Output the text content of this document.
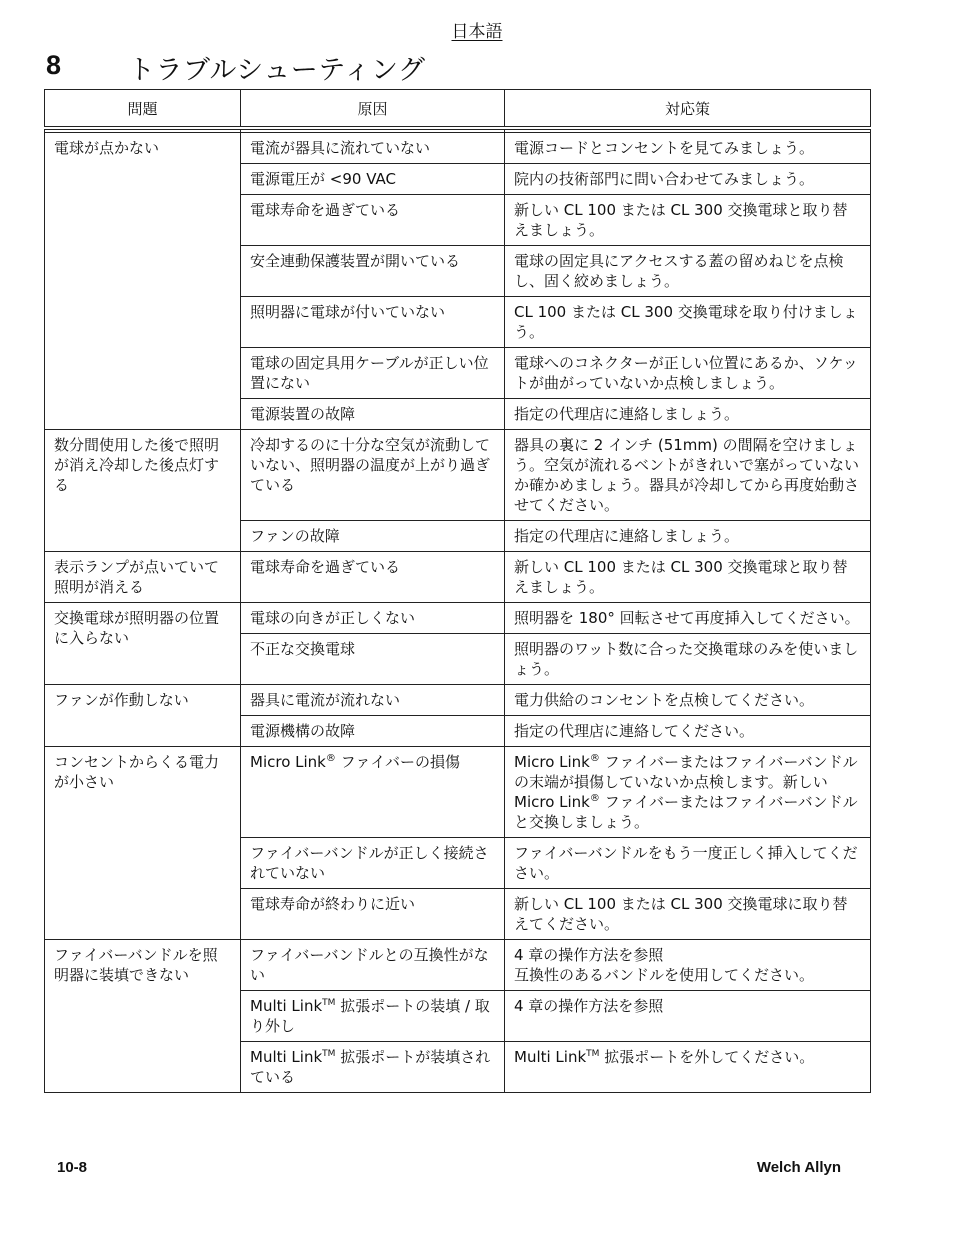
日本語
8 トラブルシューティング
問題	原因	対応策

電球が点かない	電流が器具に流れていない	電源コードとコンセントを見てみましょう。
	電源電圧が <90 VAC	院内の技術部門に問い合わせてみましょう。
	電球寿命を過ぎている	新しい CL 100 または CL 300 交換電球と取り替えましょう。
	安全連動保護装置が開いている	電球の固定具にアクセスする蓋の留めねじを点検し、固く絞めましょう。
	照明器に電球が付いていない	CL 100 または CL 300 交換電球を取り付けましょう。
	電球の固定具用ケーブルが正しい位置にない	電球へのコネクターが正しい位置にあるか、ソケットが曲がっていないか点検しましょう。
	電源装置の故障	指定の代理店に連絡しましょう。
数分間使用した後で照明が消え冷却した後点灯する	冷却するのに十分な空気が流動していない、照明器の温度が上がり過ぎている	器具の裏に 2 インチ (51mm) の間隔を空けましょう。空気が流れるベントがきれいで塞がっていないか確かめましょう。器具が冷却してから再度始動させてください。
	ファンの故障	指定の代理店に連絡しましょう。
表示ランプが点いていて照明が消える	電球寿命を過ぎている	新しい CL 100 または CL 300 交換電球と取り替えましょう。
交換電球が照明器の位置に入らない	電球の向きが正しくない	照明器を 180° 回転させて再度挿入してください。
	不正な交換電球	照明器のワット数に合った交換電球のみを使いましょう。
ファンが作動しない	器具に電流が流れない	電力供給のコンセントを点検してください。
	電源機構の故障	指定の代理店に連絡してください。
コンセントからくる電力が小さい	Micro Link® ファイバーの損傷	Micro Link® ファイバーまたはファイバーバンドルの末端が損傷していないか点検します。新しい Micro Link® ファイバーまたはファイバーバンドルと交換しましょう。
	ファイバーバンドルが正しく接続されていない	ファイバーバンドルをもう一度正しく挿入してください。
	電球寿命が終わりに近い	新しい CL 100 または CL 300 交換電球に取り替えてください。
ファイバーバンドルを照明器に装填できない	ファイバーバンドルとの互換性がない	4 章の操作方法を参照
互換性のあるバンドルを使用してください。

	Multi Link™ 拡張ポートの装填 / 取り外し	4 章の操作方法を参照
	Multi Link™ 拡張ポートが装填されている	Multi Link™ 拡張ポートを外してください。
10-8	Welch Allyn
